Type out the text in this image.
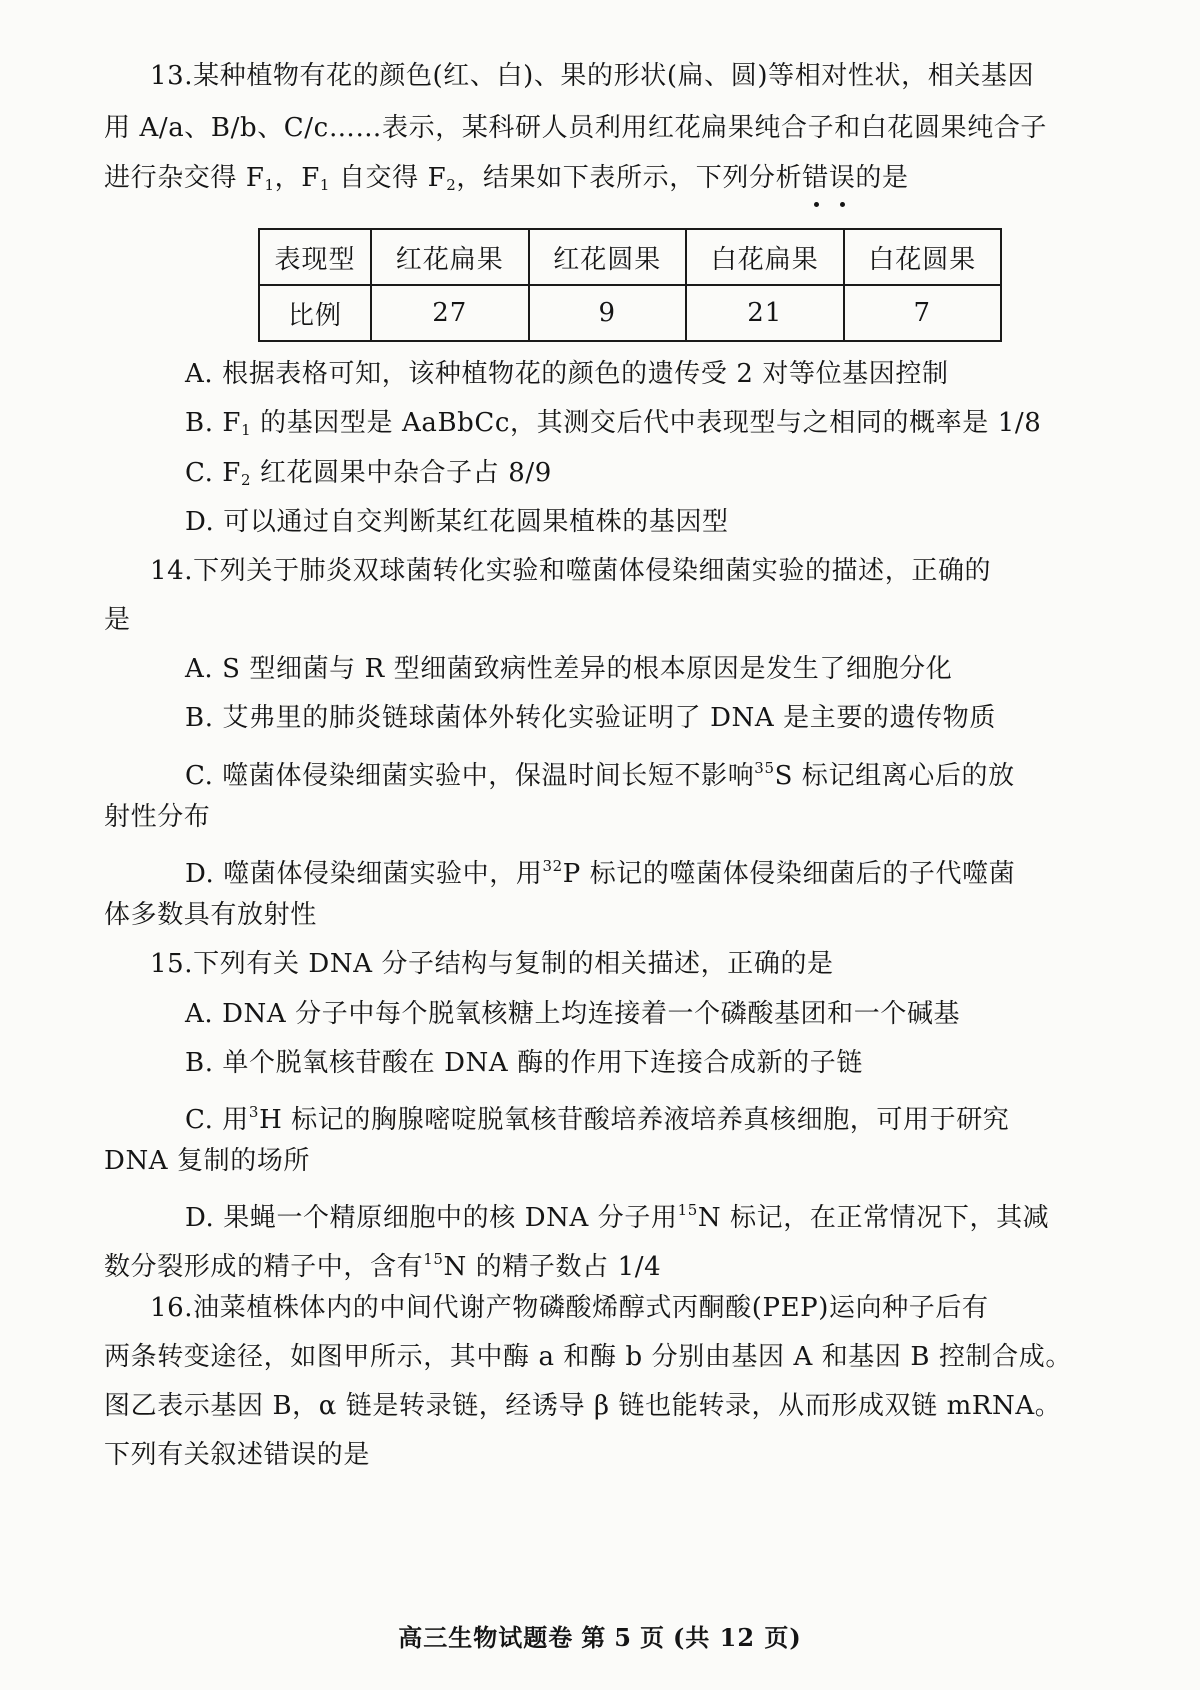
13.某种植物有花的颜色(红、白)、果的形状(扁、圆)等相对性状，相关基因
用 A/a、B/b、C/c……表示，某科研人员利用红花扁果纯合子和白花圆果纯合子
进行杂交得 $F_1$，$F_1$ 自交得 $F_2$，结果如下表所示，下列分析错误
的是
表现型	红花扁果	红花圆果	白花扁果	白花圆果
比例	27	9	21	7
A. 根据表格可知，该种植物花的颜色的遗传受 2 对等位基因控制
B. $F_1$ 的基因型是 AaBbCc，其测交后代中表现型与之相同的概率是 1/8
C. $F_2$ 红花圆果中杂合子占 8/9
D. 可以通过自交判断某红花圆果植株的基因型
14.下列关于肺炎双球菌转化实验和噬菌体侵染细菌实验的描述，正确的
是
A. S 型细菌与 R 型细菌致病性差异的根本原因是发生了细胞分化
B. 艾弗里的肺炎链球菌体外转化实验证明了 DNA 是主要的遗传物质
C. 噬菌体侵染细菌实验中，保温时间长短不影响$^{35}$S 标记组离心后的放
射性分布
D. 噬菌体侵染细菌实验中，用$^{32}$P 标记的噬菌体侵染细菌后的子代噬菌
体多数具有放射性
15.下列有关 DNA 分子结构与复制的相关描述，正确的是
A. DNA 分子中每个脱氧核糖上均连接着一个磷酸基团和一个碱基
B. 单个脱氧核苷酸在 DNA 酶的作用下连接合成新的子链
C. 用$^3$H 标记的胸腺嘧啶脱氧核苷酸培养液培养真核细胞，可用于研究
DNA 复制的场所
D. 果蝇一个精原细胞中的核 DNA 分子用$^{15}$N 标记，在正常情况下，其减
数分裂形成的精子中，含有$^{15}$N 的精子数占 1/4
16.油菜植株体内的中间代谢产物磷酸烯醇式丙酮酸(PEP)运向种子后有
两条转变途径，如图甲所示，其中酶 a 和酶 b 分别由基因 A 和基因 B 控制合成。
图乙表示基因 B，α 链是转录链，经诱导 β 链也能转录，从而形成双链 mRNA。
下列有关叙述错误的是
高三生物试题卷 第 5 页 (共 12 页)
